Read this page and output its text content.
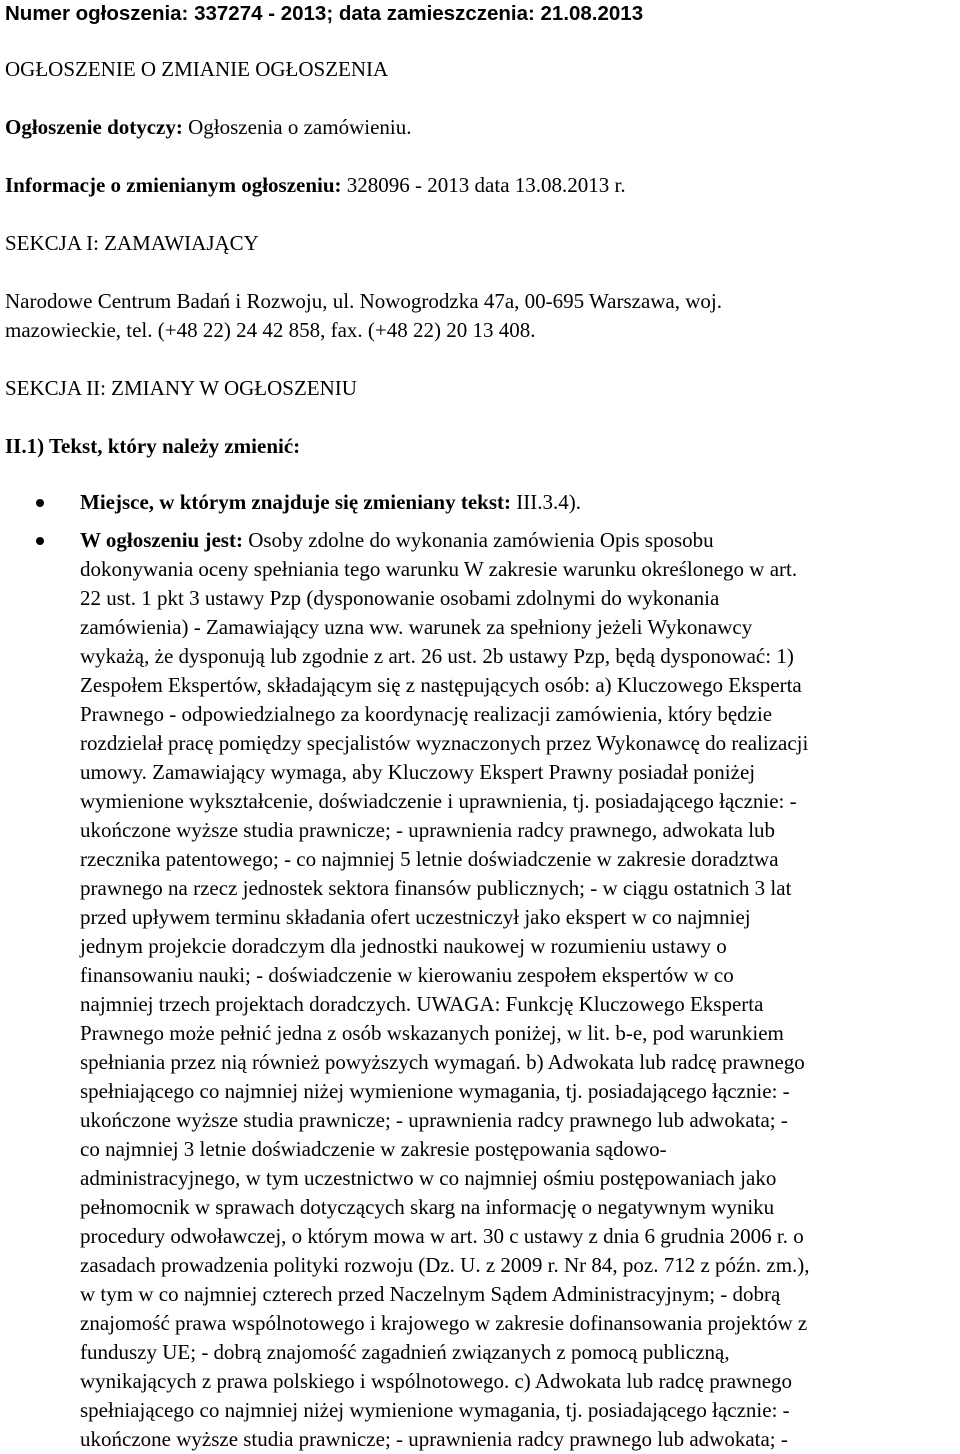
Numer ogłoszenia: 337274 - 2013; data zamieszczenia: 21.08.2013

OGŁOSZENIE O ZMIANIE OGŁOSZENIA

Ogłoszenie dotyczy: Ogłoszenia o zamówieniu.

Informacje o zmienianym ogłoszeniu: 328096 - 2013 data 13.08.2013 r.

SEKCJA I: ZAMAWIAJĄCY

Narodowe Centrum Badań i Rozwoju, ul. Nowogrodzka 47a, 00-695 Warszawa, woj.

mazowieckie, tel. (+48 22) 24 42 858, fax. (+48 22) 20 13 408.

SEKCJA II: ZMIANY W OGŁOSZENIU

II.1) Tekst, który należy zmienić:

Miejsce, w którym znajduje się zmieniany tekst: III.3.4).
W ogłoszeniu jest: Osoby zdolne do wykonania zamówienia Opis sposobu
dokonywania oceny spełniania tego warunku W zakresie warunku określonego w art.
22 ust. 1 pkt 3 ustawy Pzp (dysponowanie osobami zdolnymi do wykonania
zamówienia) - Zamawiający uzna ww. warunek za spełniony jeżeli Wykonawcy
wykażą, że dysponują lub zgodnie z art. 26 ust. 2b ustawy Pzp, będą dysponować: 1)
Zespołem Ekspertów, składającym się z następujących osób: a) Kluczowego Eksperta
Prawnego - odpowiedzialnego za koordynację realizacji zamówienia, który będzie
rozdzielał pracę pomiędzy specjalistów wyznaczonych przez Wykonawcę do realizacji
umowy. Zamawiający wymaga, aby Kluczowy Ekspert Prawny posiadał poniżej
wymienione wykształcenie, doświadczenie i uprawnienia, tj. posiadającego łącznie: -
ukończone wyższe studia prawnicze; - uprawnienia radcy prawnego, adwokata lub
rzecznika patentowego; - co najmniej 5 letnie doświadczenie w zakresie doradztwa
prawnego na rzecz jednostek sektora finansów publicznych; - w ciągu ostatnich 3 lat
przed upływem terminu składania ofert uczestniczył jako ekspert w co najmniej
jednym projekcie doradczym dla jednostki naukowej w rozumieniu ustawy o
finansowaniu nauki; - doświadczenie w kierowaniu zespołem ekspertów w co
najmniej trzech projektach doradczych. UWAGA: Funkcję Kluczowego Eksperta
Prawnego może pełnić jedna z osób wskazanych poniżej, w lit. b-e, pod warunkiem
spełniania przez nią również powyższych wymagań. b) Adwokata lub radcę prawnego
spełniającego co najmniej niżej wymienione wymagania, tj. posiadającego łącznie: -
ukończone wyższe studia prawnicze; - uprawnienia radcy prawnego lub adwokata; -
co najmniej 3 letnie doświadczenie w zakresie postępowania sądowo-
administracyjnego, w tym uczestnictwo w co najmniej ośmiu postępowaniach jako
pełnomocnik w sprawach dotyczących skarg na informację o negatywnym wyniku
procedury odwoławczej, o którym mowa w art. 30 c ustawy z dnia 6 grudnia 2006 r. o
zasadach prowadzenia polityki rozwoju (Dz. U. z 2009 r. Nr 84, poz. 712 z późn. zm.),
w tym w co najmniej czterech przed Naczelnym Sądem Administracyjnym; - dobrą
znajomość prawa wspólnotowego i krajowego w zakresie dofinansowania projektów z
funduszy UE; - dobrą znajomość zagadnień związanych z pomocą publiczną,
wynikających z prawa polskiego i wspólnotowego. c) Adwokata lub radcę prawnego
spełniającego co najmniej niżej wymienione wymagania, tj. posiadającego łącznie: -
ukończone wyższe studia prawnicze; - uprawnienia radcy prawnego lub adwokata; -
